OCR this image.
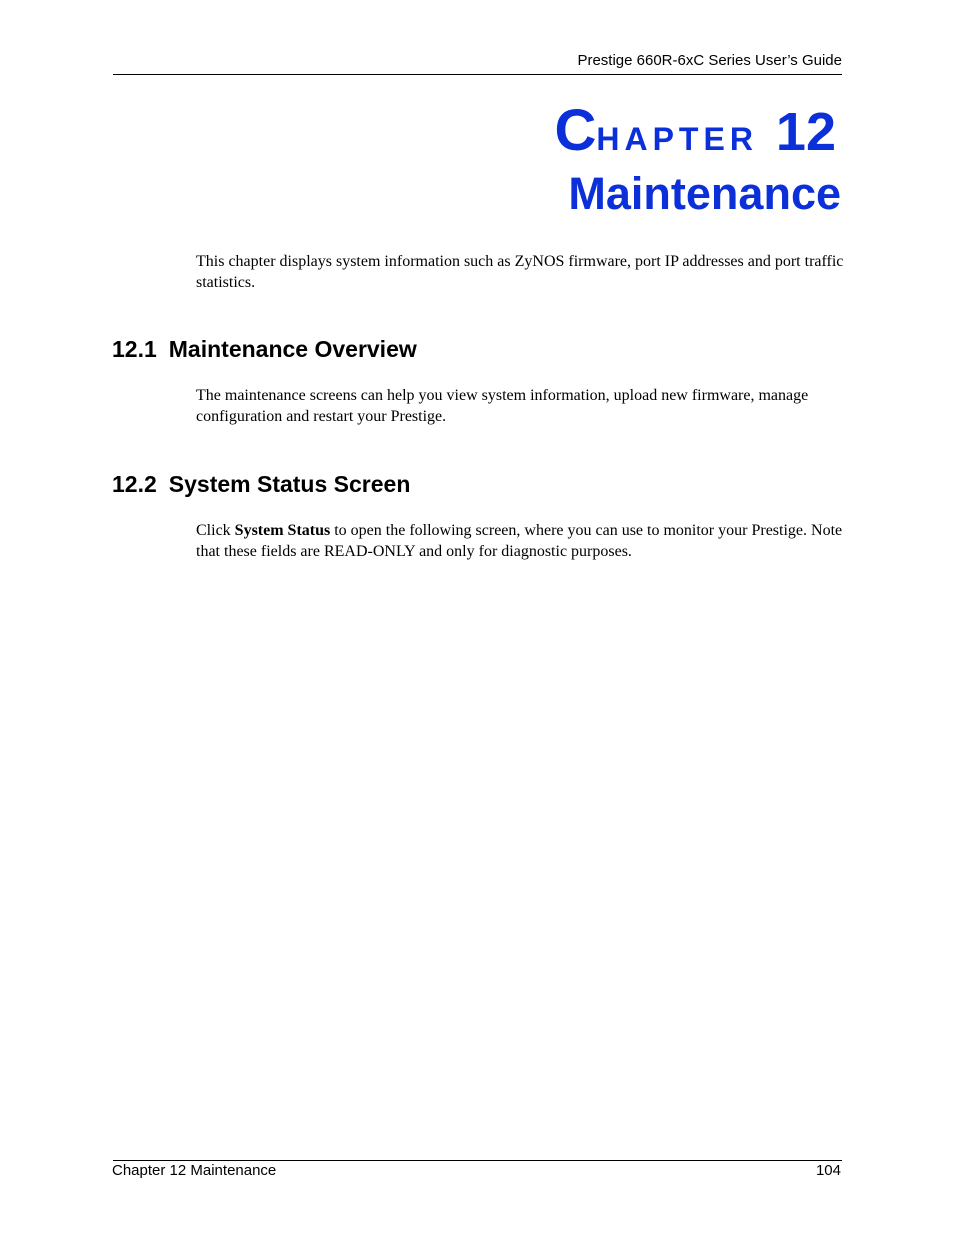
Prestige 660R-6xC Series User’s Guide
Chapter 12
Maintenance

This chapter displays system information such as ZyNOS firmware, port IP addresses and port traffic statistics.

12.1 Maintenance Overview

The maintenance screens can help you view system information, upload new firmware, manage configuration and restart your Prestige.

12.2 System Status Screen

Click System Status to open the following screen, where you can use to monitor your Prestige. Note that these fields are READ-ONLY and only for diagnostic purposes.

Chapter 12 Maintenance	104
